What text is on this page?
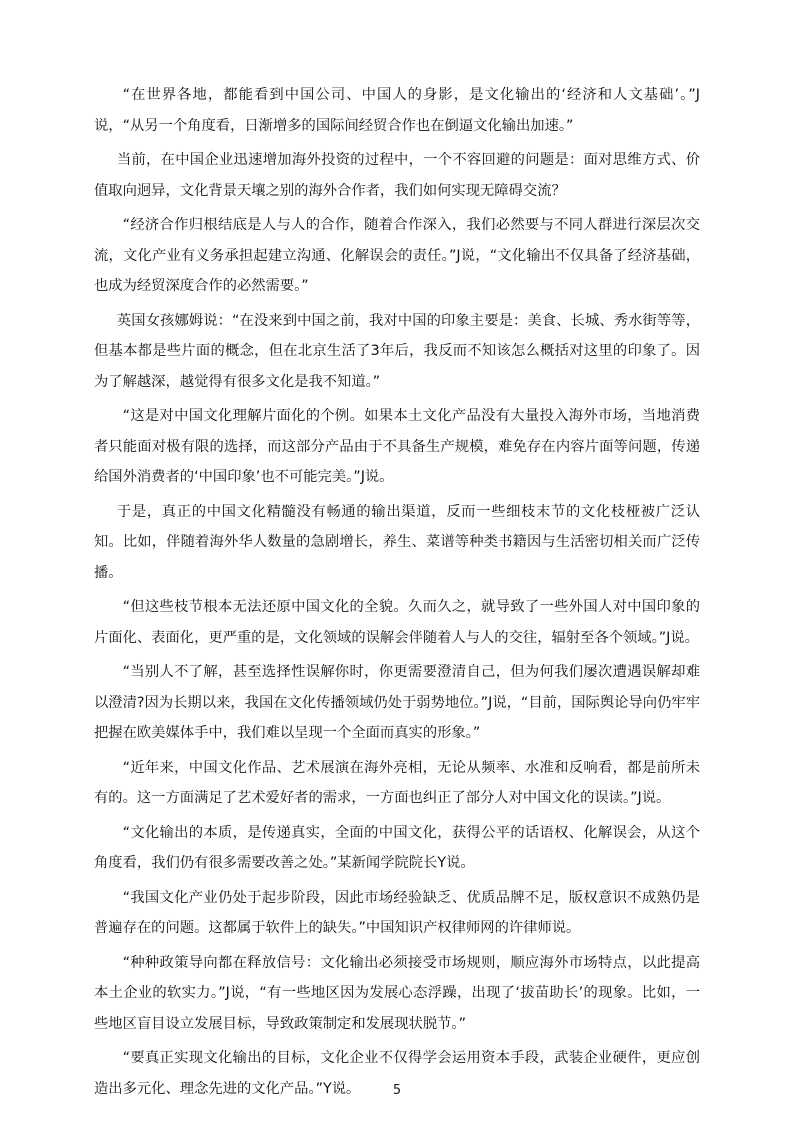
“在世界各地，都能看到中国公司、中国人的身影，是文化输出的‘经济和人文基础’。”J说，“从另一个角度看，日渐增多的国际间经贸合作也在倒逼文化输出加速。”

当前，在中国企业迅速增加海外投资的过程中，一个不容回避的问题是：面对思维方式、价值取向迥异，文化背景天壤之别的海外合作者，我们如何实现无障碍交流？

“经济合作归根结底是人与人的合作，随着合作深入，我们必然要与不同人群进行深层次交流，文化产业有义务承担起建立沟通、化解误会的责任。”J说，“文化输出不仅具备了经济基础，也成为经贸深度合作的必然需要。”

英国女孩娜姆说：“在没来到中国之前，我对中国的印象主要是：美食、长城、秀水街等等，但基本都是些片面的概念，但在北京生活了3年后，我反而不知该怎么概括对这里的印象了。因为了解越深，越觉得有很多文化是我不知道。”

“这是对中国文化理解片面化的个例。如果本土文化产品没有大量投入海外市场，当地消费者只能面对极有限的选择，而这部分产品由于不具备生产规模，难免存在内容片面等问题，传递给国外消费者的‘中国印象’也不可能完美。”J说。

于是，真正的中国文化精髓没有畅通的输出渠道，反而一些细枝末节的文化枝桠被广泛认知。比如，伴随着海外华人数量的急剧增长，养生、菜谱等种类书籍因与生活密切相关而广泛传播。

“但这些枝节根本无法还原中国文化的全貌。久而久之，就导致了一些外国人对中国印象的片面化、表面化，更严重的是，文化领域的误解会伴随着人与人的交往，辐射至各个领域。”J说。

“当别人不了解，甚至选择性误解你时，你更需要澄清自己，但为何我们屡次遭遇误解却难以澄清?因为长期以来，我国在文化传播领域仍处于弱势地位。”J说，“目前，国际舆论导向仍牢牢把握在欧美媒体手中，我们难以呈现一个全面而真实的形象。”

“近年来，中国文化作品、艺术展演在海外亮相，无论从频率、水准和反响看，都是前所未有的。这一方面满足了艺术爱好者的需求，一方面也纠正了部分人对中国文化的误读。”J说。

“文化输出的本质，是传递真实，全面的中国文化，获得公平的话语权、化解误会，从这个角度看，我们仍有很多需要改善之处。”某新闻学院院长Y说。

“我国文化产业仍处于起步阶段，因此市场经验缺乏、优质品牌不足，版权意识不成熟仍是普遍存在的问题。这都属于软件上的缺失。”中国知识产权律师网的许律师说。

“种种政策导向都在释放信号：文化输出必须接受市场规则，顺应海外市场特点，以此提高本土企业的软实力。”J说，“有一些地区因为发展心态浮躁，出现了‘拔苗助长’的现象。比如，一些地区盲目设立发展目标，导致政策制定和发展现状脱节。”

“要真正实现文化输出的目标，文化企业不仅得学会运用资本手段，武装企业硬件，更应创造出多元化、理念先进的文化产品。”Y说。	5
